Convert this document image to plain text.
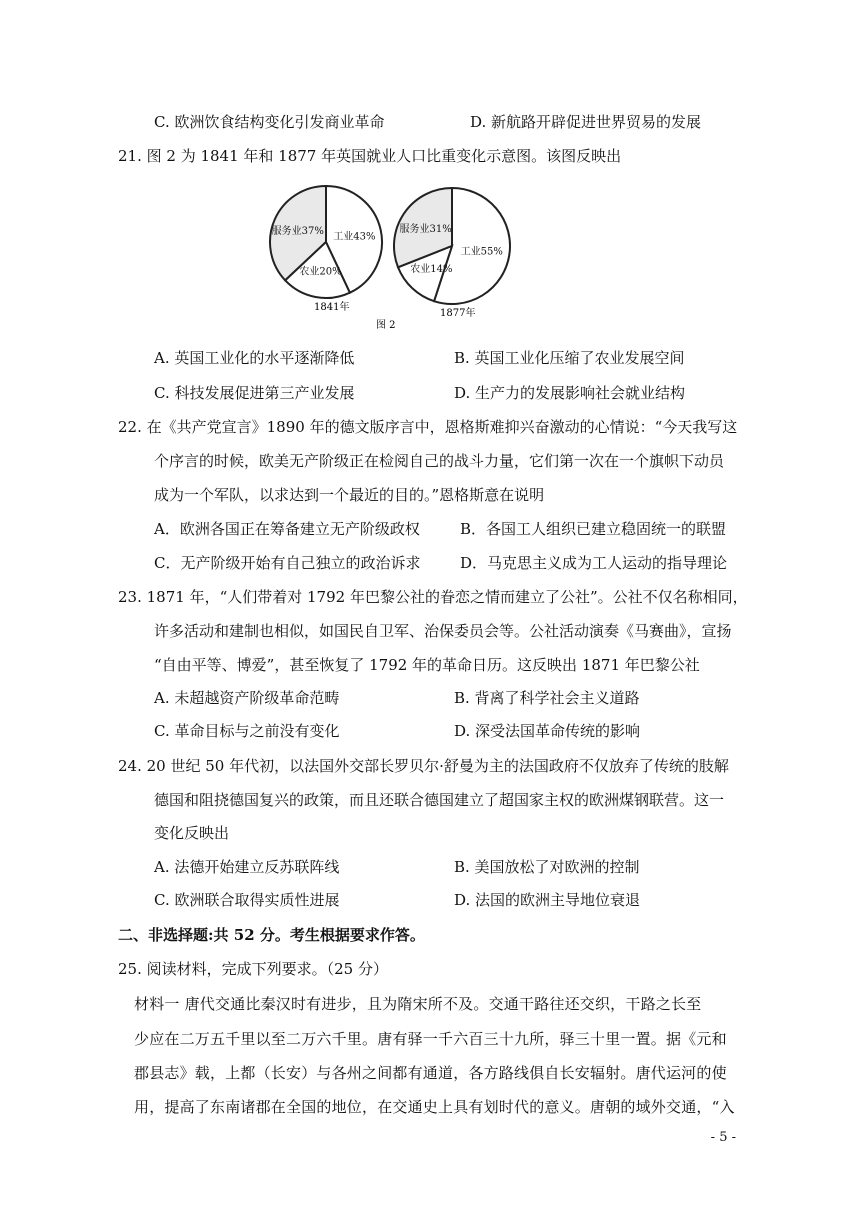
C. 欧洲饮食结构变化引发商业革命	D. 新航路开辟促进世界贸易的发展
21. 图 2 为 1841 年和 1877 年英国就业人口比重变化示意图。该图反映出
服务业37%
工业43%
农业20%
服务业31%
工业55%
农业14%
1841年
1877年
图 2
A. 英国工业化的水平逐渐降低	B. 英国工业化压缩了农业发展空间
C. 科技发展促进第三产业发展	D. 生产力的发展影响社会就业结构
22. 在《共产党宣言》1890 年的德文版序言中，恩格斯难抑兴奋激动的心情说：“今天我写这
个序言的时候，欧美无产阶级正在检阅自己的战斗力量，它们第一次在一个旗帜下动员
成为一个军队，以求达到一个最近的目的。”恩格斯意在说明
A．欧洲各国正在筹备建立无产阶级政权	B．各国工人组织已建立稳固统一的联盟
C．无产阶级开始有自己独立的政治诉求	D．马克思主义成为工人运动的指导理论
23. 1871 年，“人们带着对 1792 年巴黎公社的眷恋之情而建立了公社”。公社不仅名称相同，
许多活动和建制也相似，如国民自卫军、治保委员会等。公社活动演奏《马赛曲》，宣扬
“自由平等、博爱”，甚至恢复了 1792 年的革命日历。这反映出 1871 年巴黎公社
A. 未超越资产阶级革命范畴	B. 背离了科学社会主义道路
C. 革命目标与之前没有变化	D. 深受法国革命传统的影响
24. 20 世纪 50 年代初，以法国外交部长罗贝尔·舒曼为主的法国政府不仅放弃了传统的肢解
德国和阻挠德国复兴的政策，而且还联合德国建立了超国家主权的欧洲煤钢联营。这一
变化反映出
A. 法德开始建立反苏联阵线	B. 美国放松了对欧洲的控制
C. 欧洲联合取得实质性进展	D. 法国的欧洲主导地位衰退
二、非选择题:共 52 分。考生根据要求作答。
25. 阅读材料，完成下列要求。（25 分）
材料一 唐代交通比秦汉时有进步，且为隋宋所不及。交通干路往还交织，干路之长至
少应在二万五千里以至二万六千里。唐有驿一千六百三十九所，驿三十里一置。据《元和
郡县志》载，上都（长安）与各州之间都有通道，各方路线俱自长安辐射。唐代运河的使
用，提高了东南诸郡在全国的地位，在交通史上具有划时代的意义。唐朝的域外交通，“入
- 5 -
